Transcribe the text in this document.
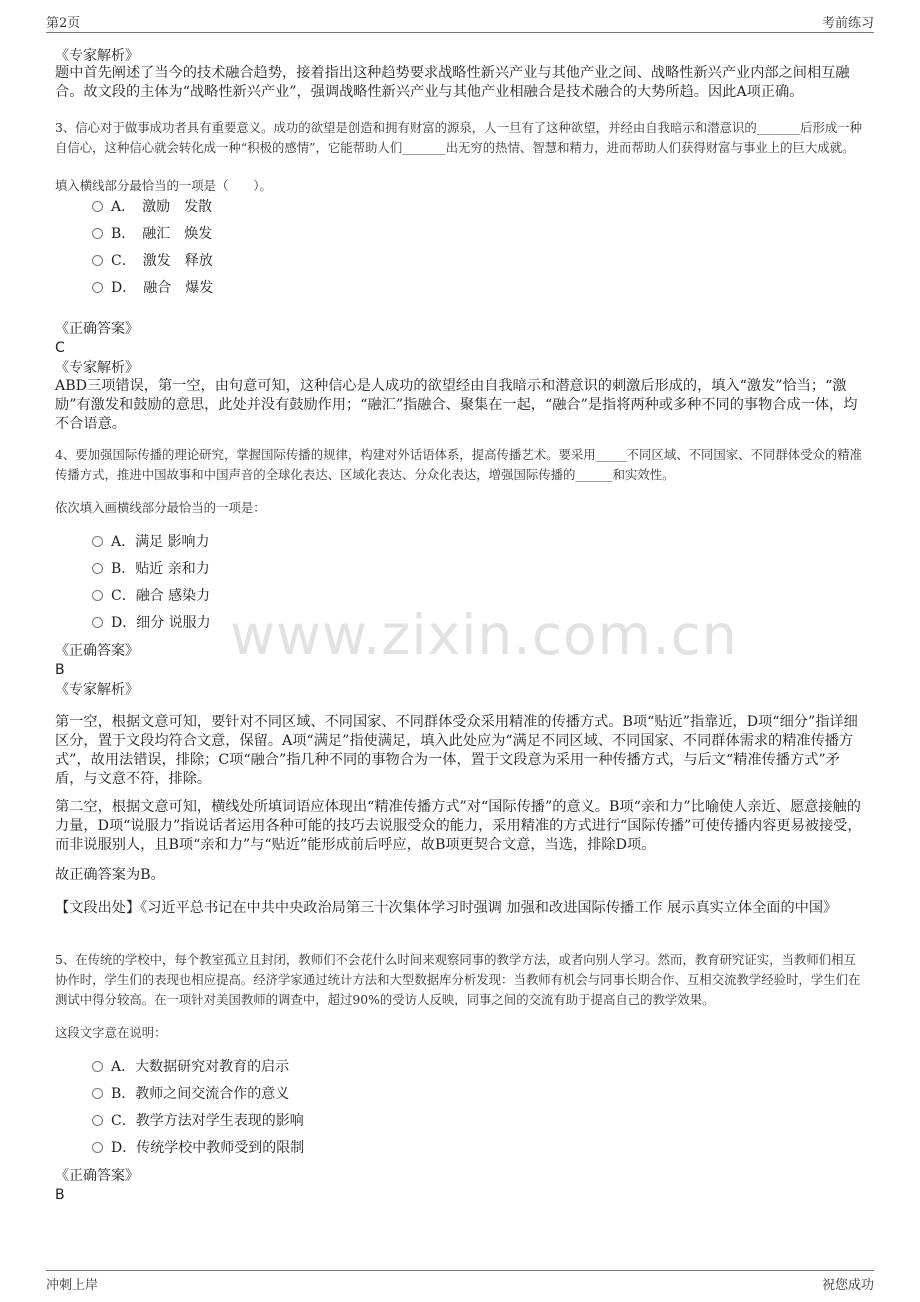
第2页	考前练习
www.zixin.com.cn
《专家解析》
题中首先阐述了当今的技术融合趋势，接着指出这种趋势要求战略性新兴产业与其他产业之间、战略性新兴产业内部之间相互融合。故文段的主体为“战略性新兴产业”，强调战略性新兴产业与其他产业相融合是技术融合的大势所趋。因此A项正确。
3、信心对于做事成功者具有重要意义。成功的欲望是创造和拥有财富的源泉，人一旦有了这种欲望，并经由自我暗示和潜意识的_______后形成一种自信心，这种信心就会转化成一种“积极的感情”，它能帮助人们_______出无穷的热情、智慧和精力，进而帮助人们获得财富与事业上的巨大成就。
填入横线部分最恰当的一项是（　　）。
A．　激励　发散
B．　融汇　焕发
C．　激发　释放
D．　融合　爆发
《正确答案》
C
《专家解析》
ABD三项错误，第一空，由句意可知，这种信心是人成功的欲望经由自我暗示和潜意识的刺激后形成的，填入“激发”恰当；“激励”有激发和鼓励的意思，此处并没有鼓励作用；“融汇”指融合、聚集在一起，“融合”是指将两种或多种不同的事物合成一体，均不合语意。
4、要加强国际传播的理论研究，掌握国际传播的规律，构建对外话语体系，提高传播艺术。要采用_____不同区域、不同国家、不同群体受众的精准传播方式，推进中国故事和中国声音的全球化表达、区域化表达、分众化表达，增强国际传播的______和实效性。
依次填入画横线部分最恰当的一项是：
A．满足 影响力
B．贴近 亲和力
C．融合 感染力
D．细分 说服力
《正确答案》
B
《专家解析》
第一空，根据文意可知，要针对不同区域、不同国家、不同群体受众采用精准的传播方式。B项“贴近”指靠近，D项“细分”指详细区分，置于文段均符合文意，保留。A项“满足”指使满足，填入此处应为“满足不同区域、不同国家、不同群体需求的精准传播方式”，故用法错误，排除；C项“融合”指几种不同的事物合为一体，置于文段意为采用一种传播方式，与后文“精准传播方式”矛盾，与文意不符，排除。
第二空，根据文意可知，横线处所填词语应体现出“精准传播方式”对“国际传播”的意义。B项“亲和力”比喻使人亲近、愿意接触的力量，D项“说服力”指说话者运用各种可能的技巧去说服受众的能力，采用精准的方式进行“国际传播”可使传播内容更易被接受，而非说服别人，且B项“亲和力”与“贴近”能形成前后呼应，故B项更契合文意，当选，排除D项。
故正确答案为B。
【文段出处】《习近平总书记在中共中央政治局第三十次集体学习时强调 加强和改进国际传播工作 展示真实立体全面的中国》
5、在传统的学校中，每个教室孤立且封闭，教师们不会花什么时间来观察同事的教学方法，或者向别人学习。然而，教育研究证实，当教师们相互协作时，学生们的表现也相应提高。经济学家通过统计方法和大型数据库分析发现：当教师有机会与同事长期合作、互相交流教学经验时，学生们在测试中得分较高。在一项针对美国教师的调查中，超过90%的受访人反映，同事之间的交流有助于提高自己的教学效果。
这段文字意在说明：
A．大数据研究对教育的启示
B．教师之间交流合作的意义
C．教学方法对学生表现的影响
D．传统学校中教师受到的限制
《正确答案》
B
冲刺上岸	祝您成功
